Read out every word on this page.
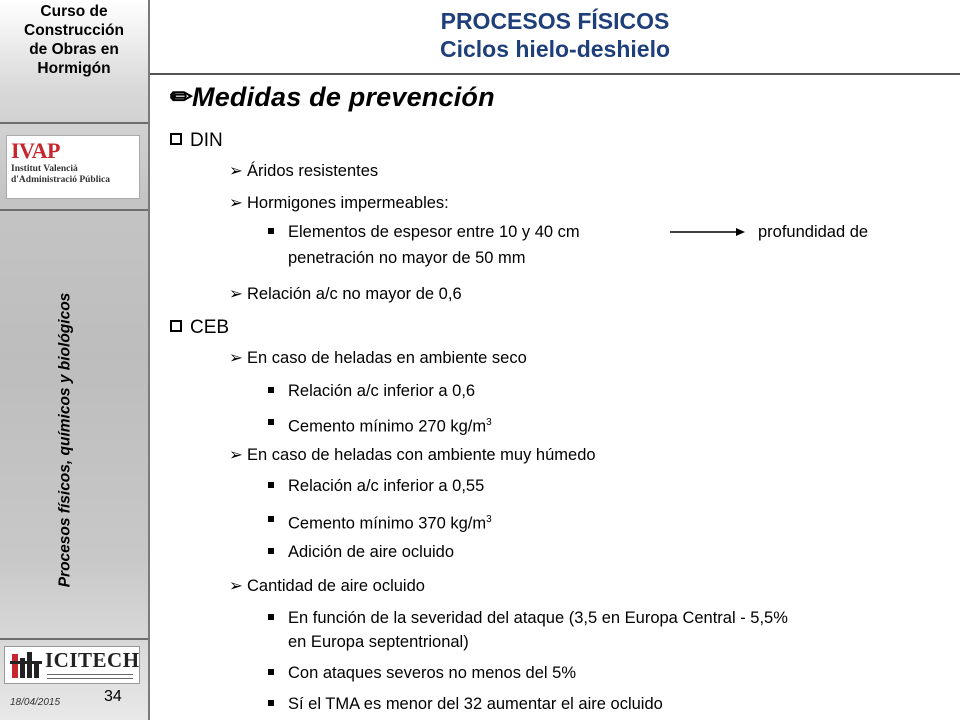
Curso de
Construcción
de Obras en
Hormigón
IVAP
Institut Valencià
d'Administració Pública
Procesos físicos, químicos y biológicos
ICITECH
18/04/2015	34
PROCESOS FÍSICOS
Ciclos hielo-deshielo
✏Medidas de prevención
DIN
➢ Áridos resistentes
➢ Hormigones impermeables:
Elementos de espesor entre 10 y 40 cm	profundidad de
penetración no mayor de 50 mm
➢ Relación a/c no mayor de 0,6
CEB
➢ En caso de heladas en ambiente seco
Relación a/c inferior a 0,6
Cemento mínimo 270 $kg/m^3$
➢ En caso de heladas con ambiente muy húmedo
Relación a/c inferior a 0,55
Cemento mínimo 370 $kg/m^3$
Adición de aire ocluido
➢ Cantidad de aire ocluido
En función de la severidad del ataque (3,5 en Europa Central - 5,5%
en Europa septentrional)
Con ataques severos no menos del 5%
Sí el TMA es menor del 32 aumentar el aire ocluido
